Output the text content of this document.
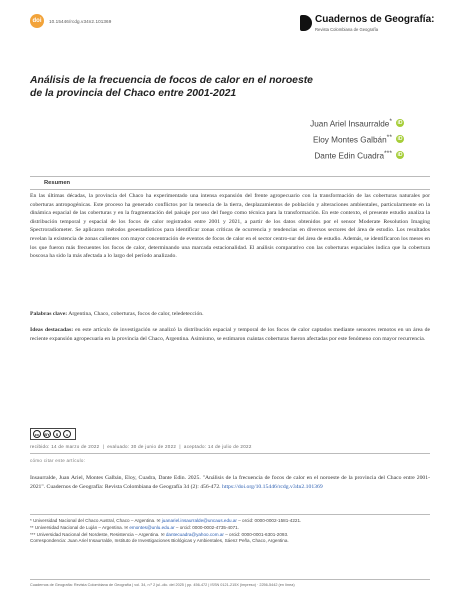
doi	10.15446/rcdg.v34n2.101369	Cuadernos de Geografía:
Revista Colombiana de Geografía
Análisis de la frecuencia de focos de calor en el noroeste
de la provincia del Chaco entre 2001-2021
Juan Ariel Insaurralde*	iD
Eloy Montes Galbán**	iD
Dante Edin Cuadra***	iD
Resumen
En las últimas décadas, la provincia del Chaco ha experimentado una intensa expansión del frente agropecuario con la transformación de las coberturas naturales por coberturas antropogénicas. Este proceso ha generado conflictos por la tenencia de la tierra, desplazamientos de población y alteraciones ambientales, particularmente en la dinámica espacial de las coberturas y en la fragmentación del paisaje por uso del fuego como técnica para la transformación. En este contexto, el presente estudio analiza la distribución temporal y espacial de los focos de calor registrados entre 2001 y 2021, a partir de los datos obtenidos por el sensor Moderate Resolution Imaging Spectroradiometer. Se aplicaron métodos geoestadísticos para identificar zonas críticas de ocurrencia y tendencias en diversos sectores del área de estudio. Los resultados revelan la existencia de zonas calientes con mayor concentración de eventos de focos de calor en el sector centro-sur del área de estudio. Además, se identificaron los meses en los que fueron más frecuentes los focos de calor, determinando una marcada estacionalidad. El análisis comparativo con las coberturas espaciales indica que la cobertura boscosa ha sido la más afectada a lo largo del período analizado.
Palabras clave: Argentina, Chaco, coberturas, focos de calor, teledetección.
Ideas destacadas: en este artículo de investigación se analizó la distribución espacial y temporal de los focos de calor captados mediante sensores remotos en un área de reciente expansión agropecuaria en la provincia del Chaco, Argentina. Asimismo, se estimaron cuántas coberturas fueron afectadas por este fenómeno con mayor recurrencia.
cc	BY	$	=
recibido: 14 de marzo de 2022  |  evaluado: 30 de junio de 2022  |  aceptado: 14 de julio de 2022
cómo citar este artículo:
Insaurralde, Juan Ariel, Montes Galbán, Eloy, Cuadra, Dante Edin. 2025. "Análisis de la frecuencia de focos de calor en el noroeste de la provincia del Chaco entre 2001-2021". Cuadernos de Geografía: Revista Colombiana de Geografía 34 (2): 456-472. https://doi.org/10.15446/rcdg.v34n2.101369
* Universidad Nacional del Chaco Austral, Chaco – Argentina. ✉ juanariel.insaurralde@uncaus.edu.ar – orcid: 0000-0002-1581-4221.
** Universidad Nacional de Luján – Argentina. ✉ emontes@unlu.edu.ar – orcid: 0000-0002-4735-4071.
*** Universidad Nacional del Nordeste, Resistencia – Argentina. ✉ dantecuadra@yahoo.com.ar – orcid: 0000-0001-6301-2093.
Correspondencia: Juan Ariel Insaurralde, Instituto de Investigaciones Biológicas y Ambientales, Sáenz Peña, Chaco, Argentina.
Cuadernos de Geografía: Revista Colombiana de Geografía | vol. 34, n.º 2 jul.-dic. del 2025 | pp. 456-472 | ISSN 0121-215X (impreso) · 2256-5442 (en línea)
